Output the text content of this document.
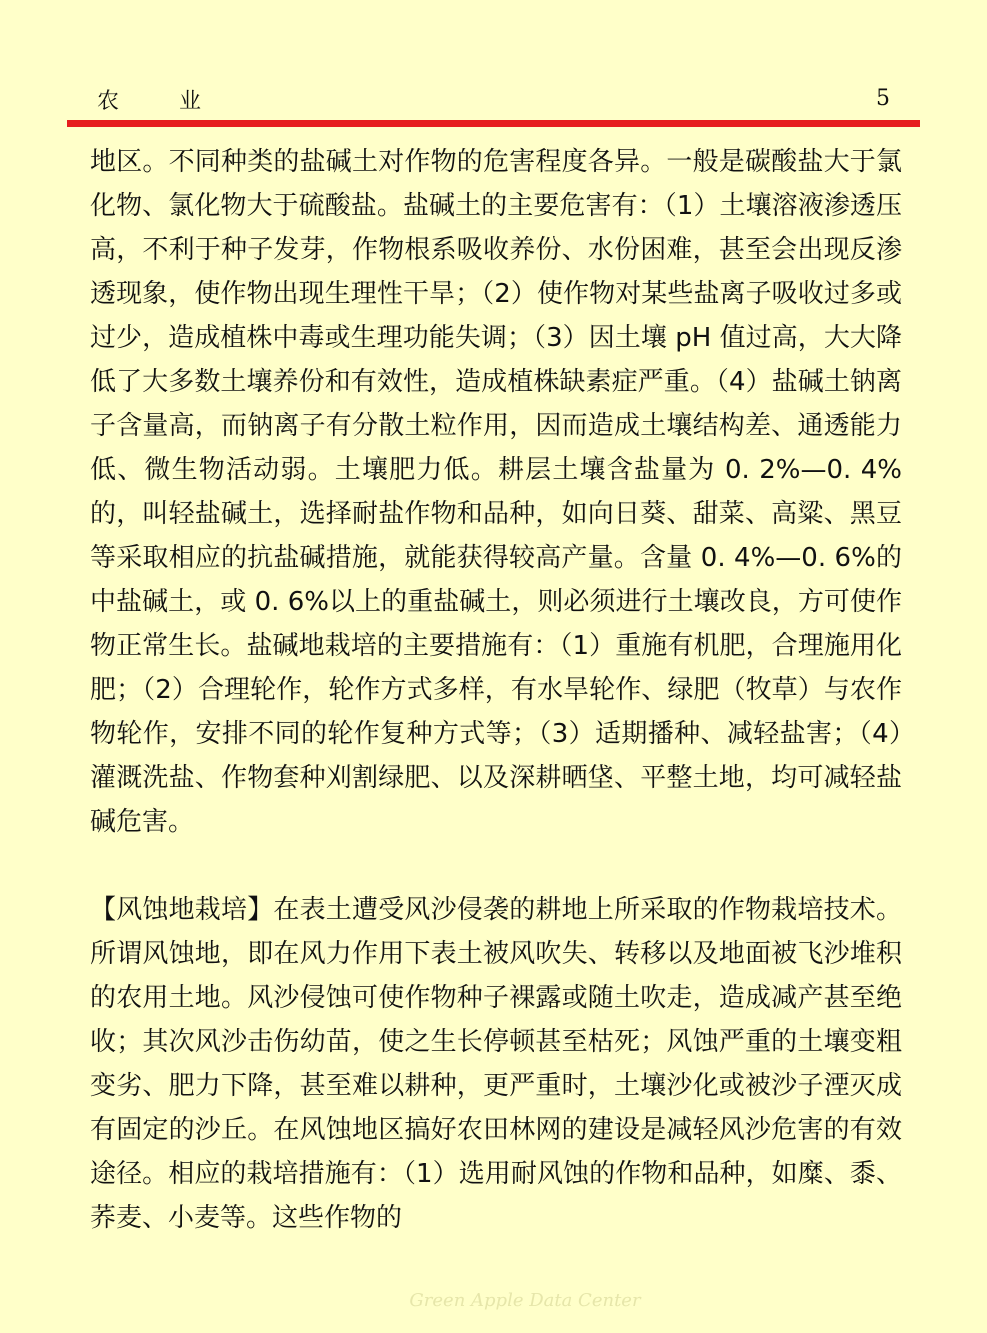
农业	5

地区。不同种类的盐碱土对作物的危害程度各异。一般是碳酸盐大于氯化物、氯化物大于硫酸盐。盐碱土的主要危害有：（1）土壤溶液渗透压高，不利于种子发芽，作物根系吸收养份、水份困难，甚至会出现反渗透现象，使作物出现生理性干旱；（2）使作物对某些盐离子吸收过多或过少，造成植株中毒或生理功能失调；（3）因土壤 pH 值过高，大大降低了大多数土壤养份和有效性，造成植株缺素症严重。（4）盐碱土钠离子含量高，而钠离子有分散土粒作用，因而造成土壤结构差、通透能力低、微生物活动弱。土壤肥力低。耕层土壤含盐量为 0. 2%—0. 4%的，叫轻盐碱土，选择耐盐作物和品种，如向日葵、甜菜、高粱、黑豆等采取相应的抗盐碱措施，就能获得较高产量。含量 0. 4%—0. 6%的中盐碱土，或 0. 6%以上的重盐碱土，则必须进行土壤改良，方可使作物正常生长。盐碱地栽培的主要措施有：（1）重施有机肥，合理施用化肥；（2）合理轮作，轮作方式多样，有水旱轮作、绿肥（牧草）与农作物轮作，安排不同的轮作复种方式等；（3）适期播种、减轻盐害；（4）灌溉洗盐、作物套种刈割绿肥、以及深耕晒垡、平整土地，均可减轻盐碱危害。

【风蚀地栽培】在表土遭受风沙侵袭的耕地上所采取的作物栽培技术。所谓风蚀地，即在风力作用下表土被风吹失、转移以及地面被飞沙堆积的农用土地。风沙侵蚀可使作物种子裸露或随土吹走，造成减产甚至绝收；其次风沙击伤幼苗，使之生长停顿甚至枯死；风蚀严重的土壤变粗变劣、肥力下降，甚至难以耕种，更严重时，土壤沙化或被沙子湮灭成有固定的沙丘。在风蚀地区搞好农田林网的建设是减轻风沙危害的有效途径。相应的栽培措施有：（1）选用耐风蚀的作物和品种，如糜、黍、荞麦、小麦等。这些作物的

Green Apple Data Center
